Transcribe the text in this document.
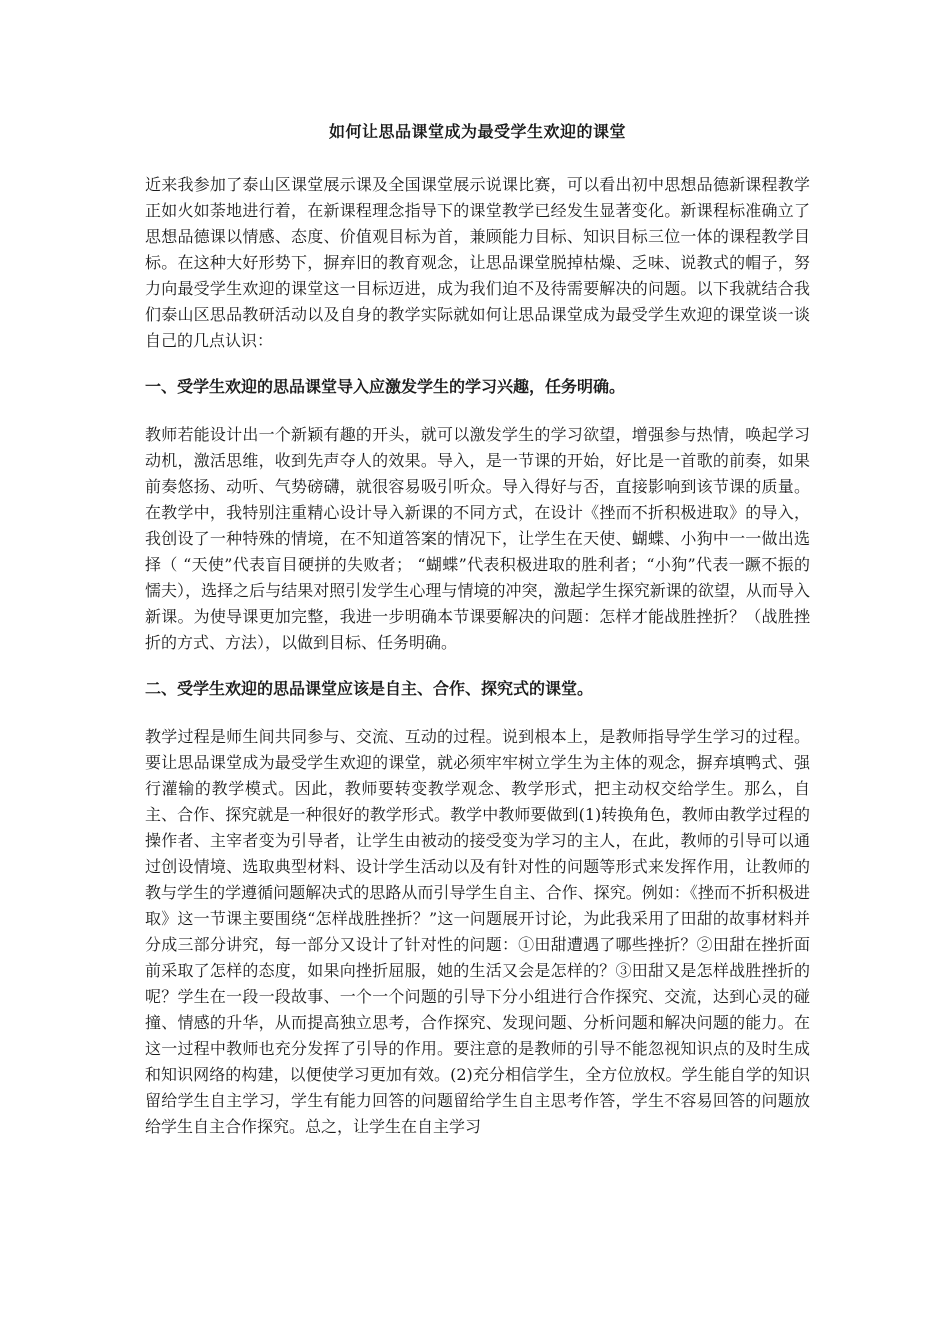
如何让思品课堂成为最受学生欢迎的课堂

近来我参加了泰山区课堂展示课及全国课堂展示说课比赛，可以看出初中思想品德新课程教学正如火如荼地进行着，在新课程理念指导下的课堂教学已经发生显著变化。新课程标准确立了思想品德课以情感、态度、价值观目标为首，兼顾能力目标、知识目标三位一体的课程教学目标。在这种大好形势下，摒弃旧的教育观念，让思品课堂脱掉枯燥、乏味、说教式的帽子，努力向最受学生欢迎的课堂这一目标迈进，成为我们迫不及待需要解决的问题。以下我就结合我们泰山区思品教研活动以及自身的教学实际就如何让思品课堂成为最受学生欢迎的课堂谈一谈自己的几点认识：

一、受学生欢迎的思品课堂导入应激发学生的学习兴趣，任务明确。

教师若能设计出一个新颖有趣的开头，就可以激发学生的学习欲望，增强参与热情，唤起学习动机，激活思维，收到先声夺人的效果。导入，是一节课的开始，好比是一首歌的前奏，如果前奏悠扬、动听、气势磅礴，就很容易吸引听众。导入得好与否，直接影响到该节课的质量。在教学中，我特别注重精心设计导入新课的不同方式，在设计《挫而不折积极进取》的导入，我创设了一种特殊的情境，在不知道答案的情况下，让学生在天使、蝴蝶、小狗中一一做出选择（ “天使”代表盲目硬拼的失败者； “蝴蝶”代表积极进取的胜利者；“小狗”代表一蹶不振的懦夫），选择之后与结果对照引发学生心理与情境的冲突，激起学生探究新课的欲望，从而导入新课。为使导课更加完整，我进一步明确本节课要解决的问题：怎样才能战胜挫折？（战胜挫折的方式、方法），以做到目标、任务明确。

二、受学生欢迎的思品课堂应该是自主、合作、探究式的课堂。

教学过程是师生间共同参与、交流、互动的过程。说到根本上，是教师指导学生学习的过程。要让思品课堂成为最受学生欢迎的课堂，就必须牢牢树立学生为主体的观念，摒弃填鸭式、强行灌输的教学模式。因此，教师要转变教学观念、教学形式，把主动权交给学生。那么，自主、合作、探究就是一种很好的教学形式。教学中教师要做到(1)转换角色，教师由教学过程的操作者、主宰者变为引导者，让学生由被动的接受变为学习的主人，在此，教师的引导可以通过创设情境、选取典型材料、设计学生活动以及有针对性的问题等形式来发挥作用，让教师的教与学生的学遵循问题解决式的思路从而引导学生自主、合作、探究。例如：《挫而不折积极进取》这一节课主要围绕“怎样战胜挫折？”这一问题展开讨论，为此我采用了田甜的故事材料并分成三部分讲究，每一部分又设计了针对性的问题：①田甜遭遇了哪些挫折？②田甜在挫折面前采取了怎样的态度，如果向挫折屈服，她的生活又会是怎样的？③田甜又是怎样战胜挫折的呢？学生在一段一段故事、一个一个问题的引导下分小组进行合作探究、交流，达到心灵的碰撞、情感的升华，从而提高独立思考，合作探究、发现问题、分析问题和解决问题的能力。在这一过程中教师也充分发挥了引导的作用。要注意的是教师的引导不能忽视知识点的及时生成和知识网络的构建，以便使学习更加有效。(2)充分相信学生，全方位放权。学生能自学的知识留给学生自主学习，学生有能力回答的问题留给学生自主思考作答，学生不容易回答的问题放给学生自主合作探究。总之，让学生在自主学习
